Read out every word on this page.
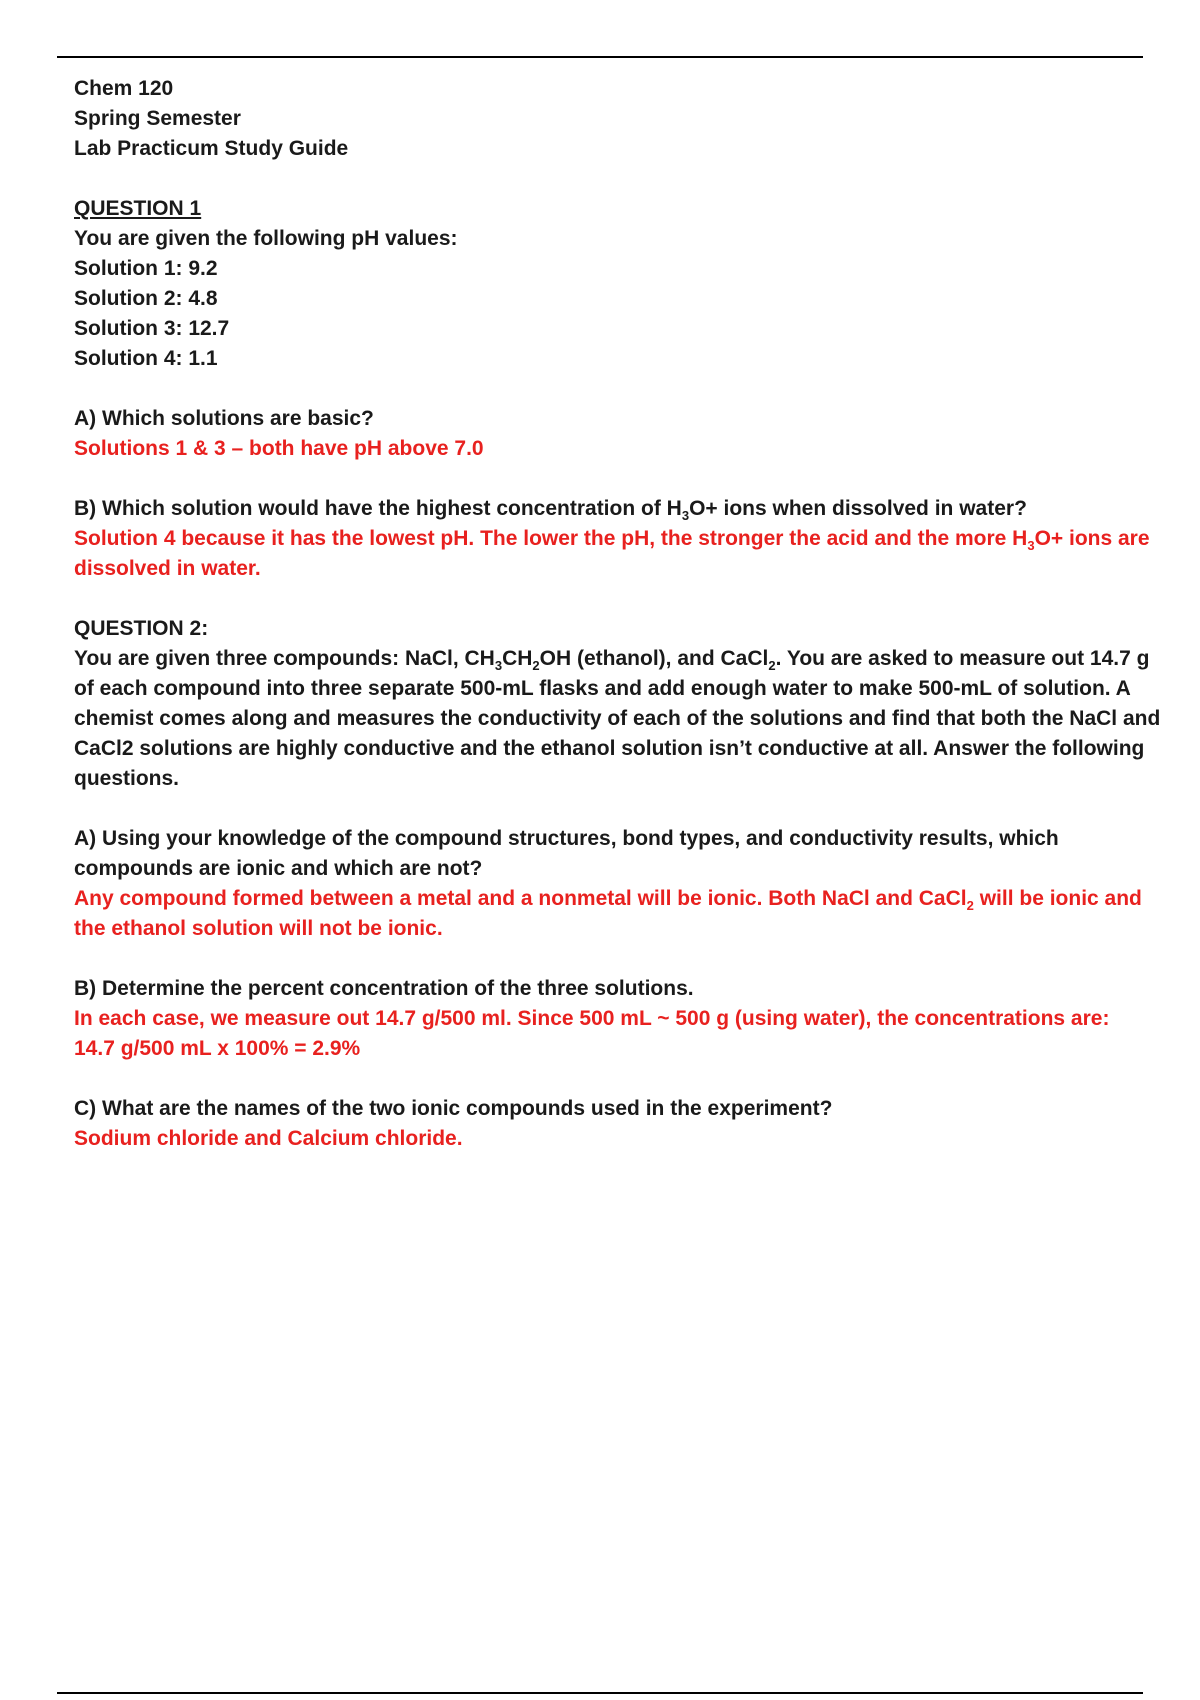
Chem 120
Spring Semester
Lab Practicum Study Guide
QUESTION 1
You are given the following pH values:
Solution 1: 9.2
Solution 2: 4.8
Solution 3: 12.7
Solution 4: 1.1
A) Which solutions are basic?
Solutions 1 & 3 – both have pH above 7.0
B) Which solution would have the highest concentration of $H_3O+$ ions when dissolved in water?
Solution 4 because it has the lowest pH. The lower the pH, the stronger the acid and the more $H_3O+$ ions are dissolved in water.
QUESTION 2:
You are given three compounds: NaCl, $CH_3CH_2OH$ (ethanol), and CaCl$_2$. You are asked to measure out 14.7 g of each compound into three separate 500-mL flasks and add enough water to make 500-mL of solution. A chemist comes along and measures the conductivity of each of the solutions and find that both the NaCl and CaCl2 solutions are highly conductive and the ethanol solution isn’t conductive at all. Answer the following questions.
A) Using your knowledge of the compound structures, bond types, and conductivity results, which compounds are ionic and which are not?
Any compound formed between a metal and a nonmetal will be ionic. Both NaCl and CaCl$_2$ will be ionic and the ethanol solution will not be ionic.
B) Determine the percent concentration of the three solutions.
In each case, we measure out 14.7 g/500 ml. Since 500 mL ~ 500 g (using water), the concentrations are:
14.7 g/500 mL x 100% = 2.9%
C) What are the names of the two ionic compounds used in the experiment?
Sodium chloride and Calcium chloride.
